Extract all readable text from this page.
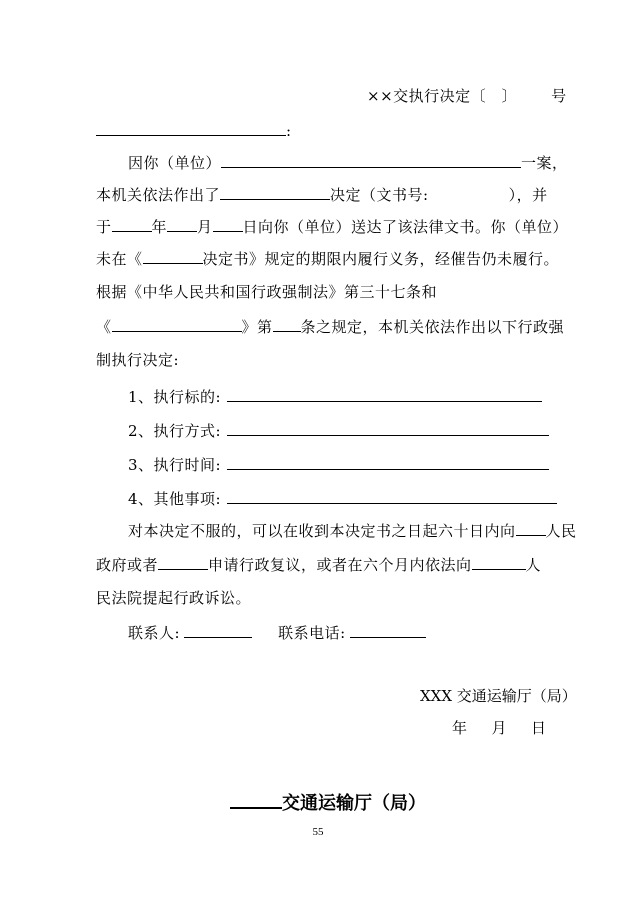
××交执行决定〔　〕 号
:
因你（单位）	一案，
本机关依法作出了	决定（文书号:	），并
于	年 月 日向你（单位）送达了该法律文书。你（单位）
未在《	决定书》规定的期限内履行义务，经催告仍未履行。
根据《中华人民共和国行政强制法》第三十七条和
《	》第 条之规定，本机关依法作出以下行政强
制执行决定:
1、执行标的:
2、执行方式:
3、执行时间:
4、其他事项:
对本决定不服的，可以在收到本决定书之日起六十日内向 人民
政府或者	申请行政复议，或者在六个月内依法向	人
民法院提起行政诉讼。
联系人:	联系电话:
XXX 交通运输厅（局）
年 月 日
交通运输厅（局）
55
